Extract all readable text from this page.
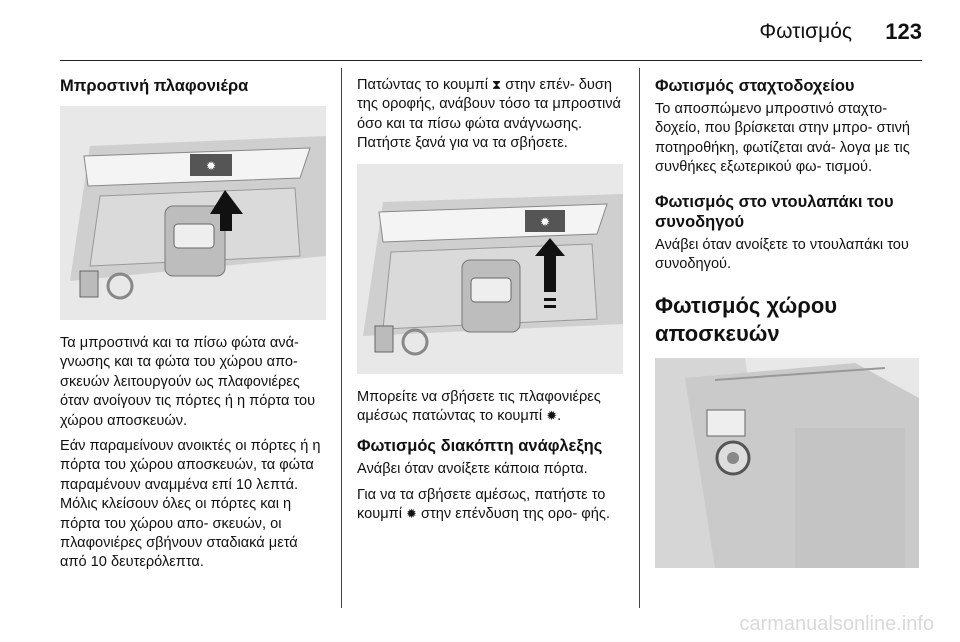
Φωτισμός 123
Μπροστινή πλαφονιέρα
✹

Τα μπροστινά και τα πίσω φώτα ανά- γνωσης και τα φώτα του χώρου απο- σκευών λειτουργούν ως πλαφονιέρες όταν ανοίγουν τις πόρτες ή η πόρτα του χώρου αποσκευών.

Εάν παραμείνουν ανοικτές οι πόρτες ή η πόρτα του χώρου αποσκευών, τα φώτα παραμένουν αναμμένα επί 10 λεπτά. Μόλις κλείσουν όλες οι πόρτες και η πόρτα του χώρου απο- σκευών, οι πλαφονιέρες σβήνουν σταδιακά μετά από 10 δευτερόλεπτα.

Πατώντας το κουμπί ⧗ στην επέν- δυση της οροφής, ανάβουν τόσο τα μπροστινά όσο και τα πίσω φώτα ανάγνωσης. Πατήστε ξανά για να τα σβήσετε.

✹

Μπορείτε να σβήσετε τις πλαφονιέρες αμέσως πατώντας το κουμπί ✹.

Φωτισμός διακόπτη ανάφλεξης

Ανάβει όταν ανοίξετε κάποια πόρτα.

Για να τα σβήσετε αμέσως, πατήστε το κουμπί ✹ στην επένδυση της ορο- φής.

Φωτισμός σταχτοδοχείου

Το αποσπώμενο μπροστινό σταχτο- δοχείο, που βρίσκεται στην μπρο- στινή ποτηροθήκη, φωτίζεται ανά- λογα με τις συνθήκες εξωτερικού φω- τισμού.

Φωτισμός στο ντουλαπάκι του συνοδηγού

Ανάβει όταν ανοίξετε το ντουλαπάκι του συνοδηγού.

Φωτισμός χώρου αποσκευών
carmanualsonline.info
